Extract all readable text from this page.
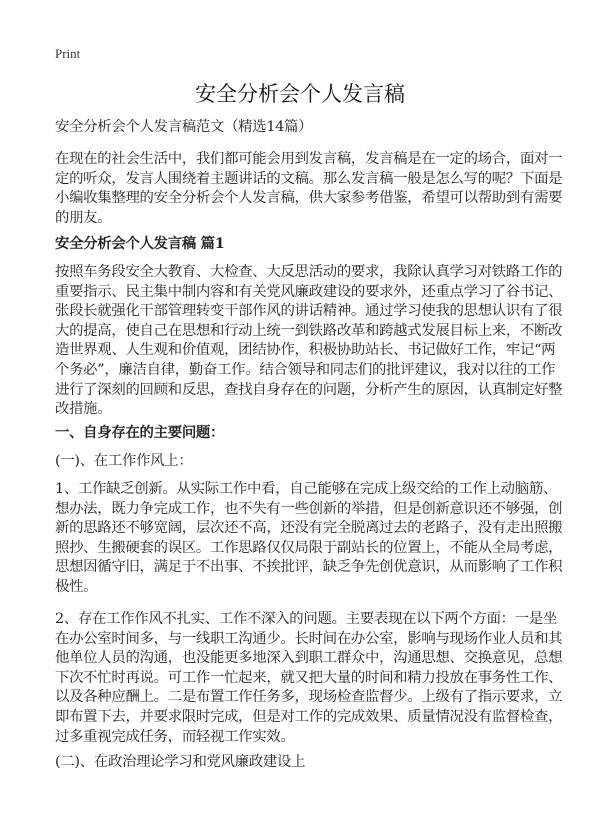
Print
安全分析会个人发言稿
安全分析会个人发言稿范文（精选14篇）
在现在的社会生活中，我们都可能会用到发言稿，发言稿是在一定的场合，面对一
定的听众，发言人围绕着主题讲话的文稿。那么发言稿一般是怎么写的呢？下面是
小编收集整理的安全分析会个人发言稿，供大家参考借鉴，希望可以帮助到有需要
的朋友。
安全分析会个人发言稿 篇1
按照车务段安全大教育、大检查、大反思活动的要求，我除认真学习对铁路工作的
重要指示、民主集中制内容和有关党风廉政建设的要求外，还重点学习了谷书记、
张段长就强化干部管理转变干部作风的讲话精神。通过学习使我的思想认识有了很
大的提高，使自己在思想和行动上统一到铁路改革和跨越式发展目标上来，不断改
造世界观、人生观和价值观，团结协作，积极协助站长、书记做好工作，牢记“两
个务必”，廉洁自律，勤奋工作。结合领导和同志们的批评建议，我对以往的工作
进行了深刻的回顾和反思，查找自身存在的问题，分析产生的原因，认真制定好整
改措施。
一、自身存在的主要问题：
(一)、在工作作风上：
1、工作缺乏创新。从实际工作中看，自己能够在完成上级交给的工作上动脑筋、
想办法，既力争完成工作，也不失有一些创新的举措，但是创新意识还不够强，创
新的思路还不够宽阔，层次还不高，还没有完全脱离过去的老路子，没有走出照搬
照抄、生搬硬套的误区。工作思路仅仅局限于副站长的位置上，不能从全局考虑，
思想因循守旧，满足于不出事、不挨批评，缺乏争先创优意识，从而影响了工作积
极性。
2、存在工作作风不扎实、工作不深入的问题。主要表现在以下两个方面：一是坐
在办公室时间多，与一线职工沟通少。长时间在办公室，影响与现场作业人员和其
他单位人员的沟通，也没能更多地深入到职工群众中，沟通思想、交换意见，总想
下次不忙时再说。可工作一忙起来，就又把大量的时间和精力投放在事务性工作、
以及各种应酬上。二是布置工作任务多，现场检查监督少。上级有了指示要求，立
即布置下去，并要求限时完成，但是对工作的完成效果、质量情况没有监督检查，
过多重视完成任务，而轻视工作实效。
(二)、在政治理论学习和党风廉政建设上
